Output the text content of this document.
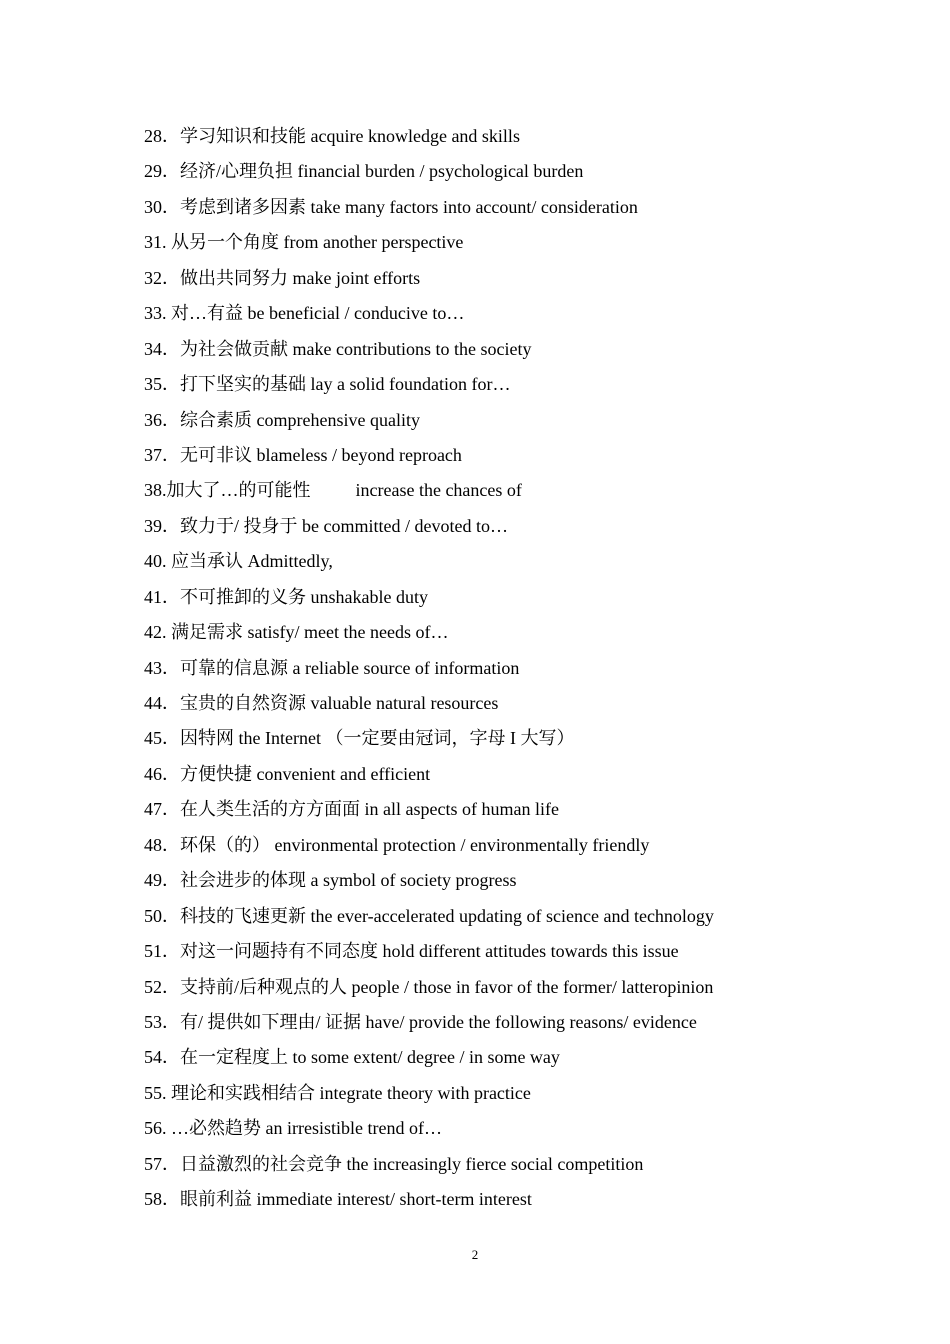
28．学习知识和技能 acquire knowledge and skills
29．经济/心理负担 financial burden / psychological burden
30．考虑到诸多因素 take many factors into account/ consideration
31. 从另一个角度 from another perspective
32．做出共同努力 make joint efforts
33. 对…有益 be beneficial / conducive to…
34．为社会做贡献 make contributions to the society
35．打下坚实的基础 lay a solid foundation for…
36．综合素质 comprehensive quality
37．无可非议 blameless / beyond reproach
38.加大了…的可能性          increase the chances of
39．致力于/ 投身于 be committed / devoted to…
40. 应当承认 Admittedly,
41．不可推卸的义务 unshakable duty
42. 满足需求 satisfy/ meet the needs of…
43．可靠的信息源 a reliable source of information
44．宝贵的自然资源 valuable natural resources
45．因特网 the Internet （一定要由冠词，字母 I 大写）
46．方便快捷 convenient and efficient
47．在人类生活的方方面面 in all aspects of human life
48．环保（的） environmental protection / environmentally friendly
49．社会进步的体现 a symbol of society progress
50．科技的飞速更新 the ever-accelerated updating of science and technology
51．对这一问题持有不同态度 hold different attitudes towards this issue
52．支持前/后种观点的人 people / those in favor of the former/ latteropinion
53．有/ 提供如下理由/ 证据 have/ provide the following reasons/ evidence
54．在一定程度上 to some extent/ degree / in some way
55. 理论和实践相结合 integrate theory with practice
56. …必然趋势 an irresistible trend of…
57．日益激烈的社会竞争 the increasingly fierce social competition
58．眼前利益 immediate interest/ short-term interest
2
